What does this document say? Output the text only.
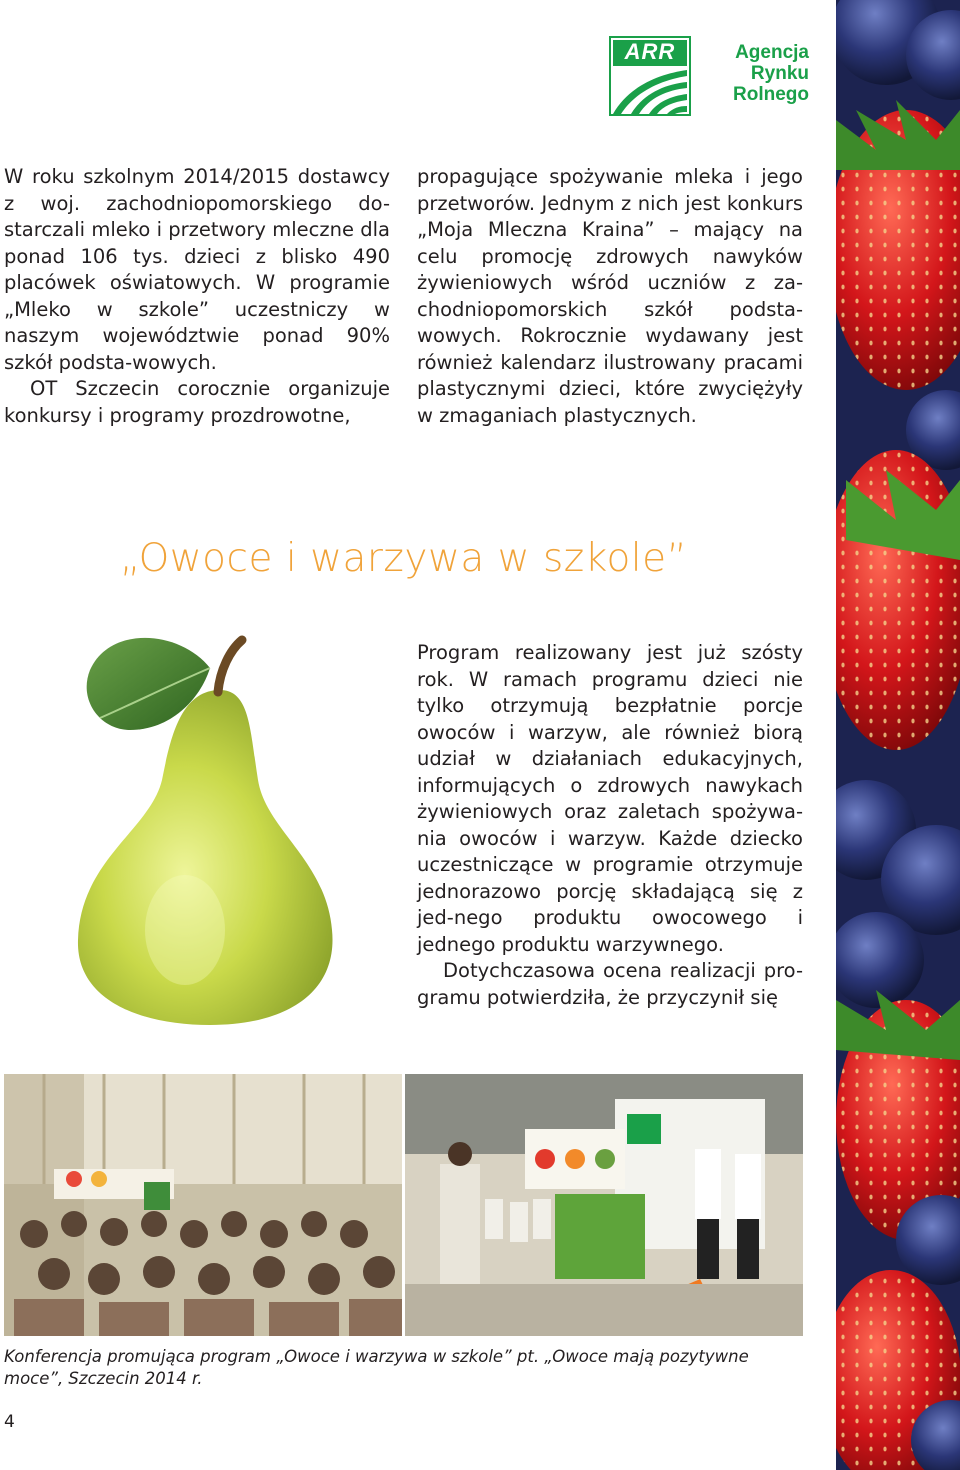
ARR	Agencja
Rynku
Rolnego

W roku szkolnym 2014/2015 dostawcy z woj. zachodniopomorskiego do-starczali mleko i przetwory mleczne dla ponad 106 tys. dzieci z blisko 490 placówek oświatowych. W programie „Mleko w szkole” uczestniczy w naszym województwie ponad 90% szkół podsta-wowych.

OT Szczecin corocznie organizuje konkursy i programy prozdrowotne,

propagujące spożywanie mleka i jego przetworów. Jednym z nich jest konkurs „Moja Mleczna Kraina” – mający na celu promocję zdrowych nawyków żywieniowych wśród uczniów z za-chodniopomorskich szkół podsta-wowych. Rokrocznie wydawany jest również kalendarz ilustrowany pracami plastycznymi dzieci, które zwyciężyły w zmaganiach plastycznych.

„Owoce i warzywa w szkole”

Program realizowany jest już szósty rok. W ramach programu dzieci nie tylko otrzymują bezpłatnie porcje owoców i warzyw, ale również biorą udział w działaniach edukacyjnych, informujących o zdrowych nawykach żywieniowych oraz zaletach spożywa-nia owoców i warzyw. Każde dziecko uczestniczące w programie otrzymuje jednorazowo porcję składającą się z jed-nego produktu owocowego i jednego produktu warzywnego.

Dotychczasowa ocena realizacji pro-gramu potwierdziła, że przyczynił się

Konferencja promująca program „Owoce i warzywa w szkole” pt. „Owoce mają pozytywne moce”, Szczecin 2014 r.
4
